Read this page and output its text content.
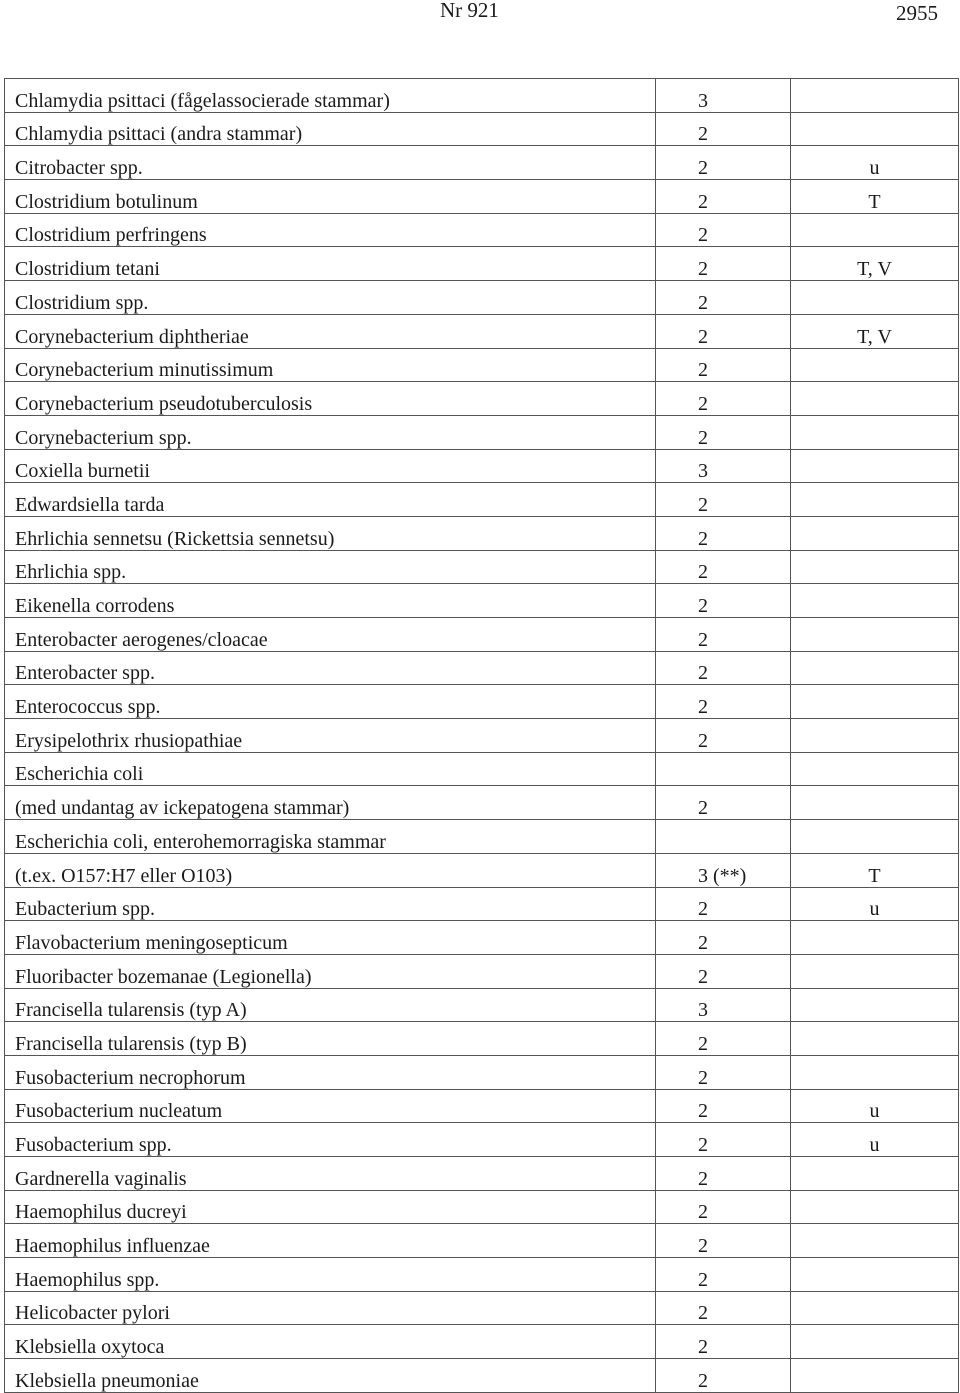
Nr 921	2955
Chlamydia psittaci (fågelassocierade stammar)	3	
Chlamydia psittaci (andra stammar)	2	
Citrobacter spp.	2	u
Clostridium botulinum	2	T
Clostridium perfringens	2	
Clostridium tetani	2	T, V
Clostridium spp.	2	
Corynebacterium diphtheriae	2	T, V
Corynebacterium minutissimum	2	
Corynebacterium pseudotuberculosis	2	
Corynebacterium spp.	2	
Coxiella burnetii	3	
Edwardsiella tarda	2	
Ehrlichia sennetsu (Rickettsia sennetsu)	2	
Ehrlichia spp.	2	
Eikenella corrodens	2	
Enterobacter aerogenes/cloacae	2	
Enterobacter spp.	2	
Enterococcus spp.	2	
Erysipelothrix rhusiopathiae	2	
Escherichia coli		
(med undantag av ickepatogena stammar)	2	
Escherichia coli, enterohemorragiska stammar		
(t.ex. O157:H7 eller O103)	3 (**)	T
Eubacterium spp.	2	u
Flavobacterium meningosepticum	2	
Fluoribacter bozemanae (Legionella)	2	
Francisella tularensis (typ A)	3	
Francisella tularensis (typ B)	2	
Fusobacterium necrophorum	2	
Fusobacterium nucleatum	2	u
Fusobacterium spp.	2	u
Gardnerella vaginalis	2	
Haemophilus ducreyi	2	
Haemophilus influenzae	2	
Haemophilus spp.	2	
Helicobacter pylori	2	
Klebsiella oxytoca	2	
Klebsiella pneumoniae	2	
